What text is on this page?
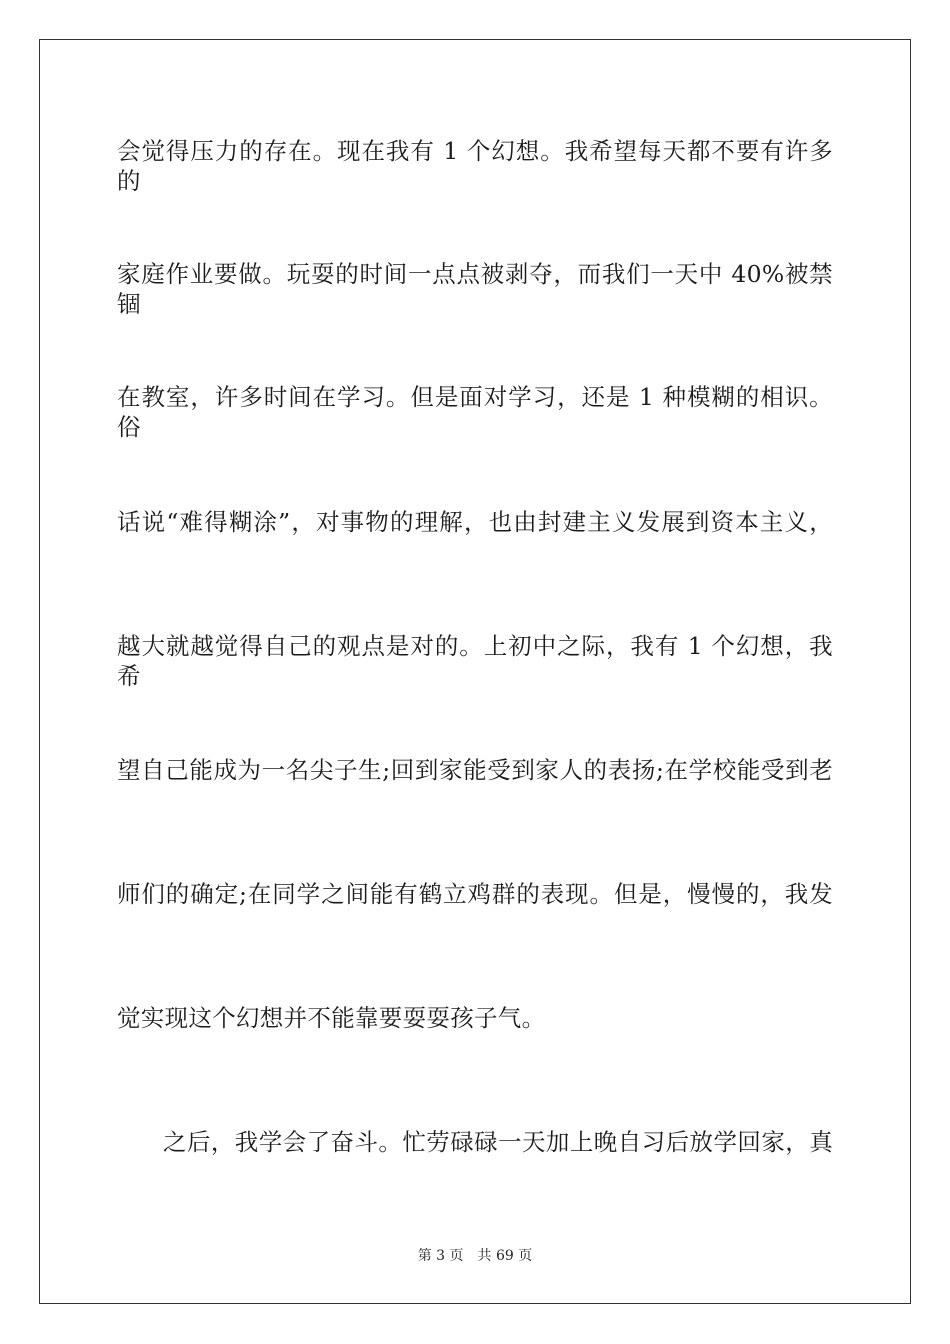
会觉得压力的存在。现在我有 1 个幻想。我希望每天都不要有许多的
家庭作业要做。玩耍的时间一点点被剥夺，而我们一天中 40%被禁锢
在教室，许多时间在学习。但是面对学习，还是 1 种模糊的相识。俗
话说“难得糊涂”，对事物的理解，也由封建主义发展到资本主义，
越大就越觉得自己的观点是对的。上初中之际，我有 1 个幻想，我希
望自己能成为一名尖子生;回到家能受到家人的表扬;在学校能受到老
师们的确定;在同学之间能有鹤立鸡群的表现。但是，慢慢的，我发
觉实现这个幻想并不能靠要耍耍孩子气。
之后，我学会了奋斗。忙劳碌碌一天加上晚自习后放学回家，真
第 3 页 共 69 页
